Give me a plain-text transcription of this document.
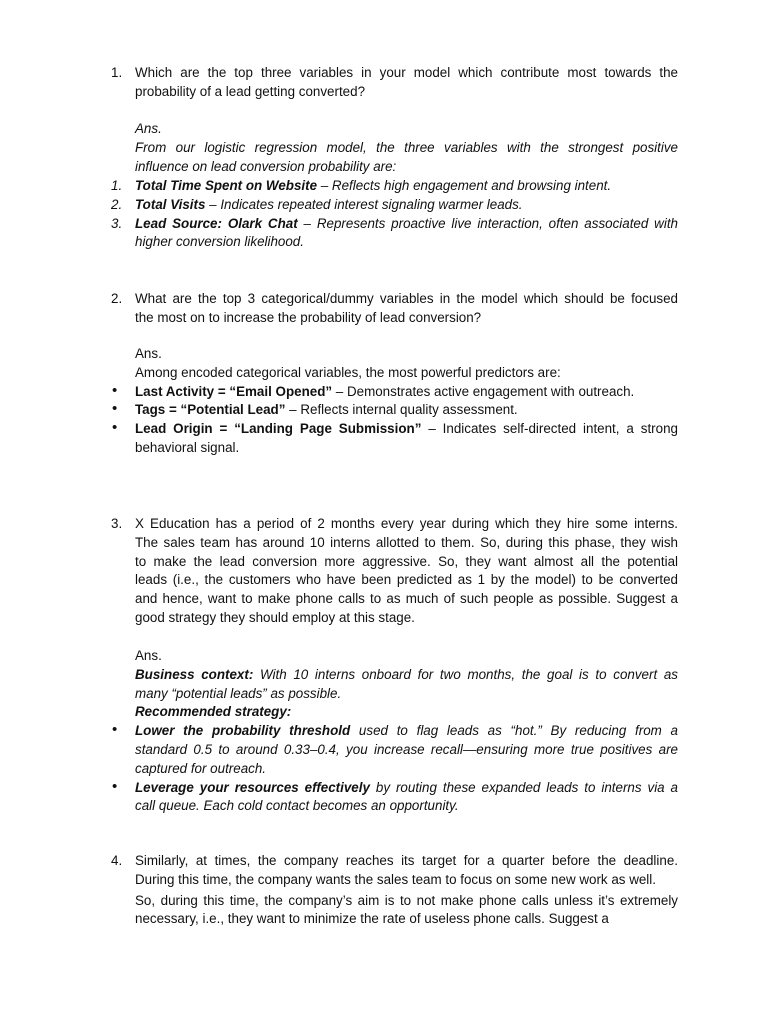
1. Which are the top three variables in your model which contribute most towards the
probability of a lead getting converted?
Ans.
From our logistic regression model, the three variables with the strongest positive
influence on lead conversion probability are:
1. Total Time Spent on Website – Reflects high engagement and browsing intent.
2. Total Visits – Indicates repeated interest signaling warmer leads.
3. Lead Source: Olark Chat – Represents proactive live interaction, often associated with
higher conversion likelihood.
2. What are the top 3 categorical/dummy variables in the model which should be focused
the most on to increase the probability of lead conversion?
Ans.
Among encoded categorical variables, the most powerful predictors are:
• Last Activity = “Email Opened” – Demonstrates active engagement with outreach.
• Tags = “Potential Lead” – Reflects internal quality assessment.
• Lead Origin = “Landing Page Submission” – Indicates self-directed intent, a strong
behavioral signal.
3. X Education has a period of 2 months every year during which they hire some interns.
The sales team has around 10 interns allotted to them. So, during this phase, they wish
to make the lead conversion more aggressive. So, they want almost all the potential
leads (i.e., the customers who have been predicted as 1 by the model) to be converted
and hence, want to make phone calls to as much of such people as possible. Suggest a
good strategy they should employ at this stage.
Ans.
Business context: With 10 interns onboard for two months, the goal is to convert as
many “potential leads” as possible.
Recommended strategy:
• Lower the probability threshold used to flag leads as “hot.” By reducing from a
standard 0.5 to around 0.33–0.4, you increase recall—ensuring more true positives are
captured for outreach.
• Leverage your resources effectively by routing these expanded leads to interns via a
call queue. Each cold contact becomes an opportunity.
4. Similarly, at times, the company reaches its target for a quarter before the deadline.
During this time, the company wants the sales team to focus on some new work as well.
So, during this time, the company’s aim is to not make phone calls unless it’s extremely
necessary, i.e., they want to minimize the rate of useless phone calls. Suggest a
